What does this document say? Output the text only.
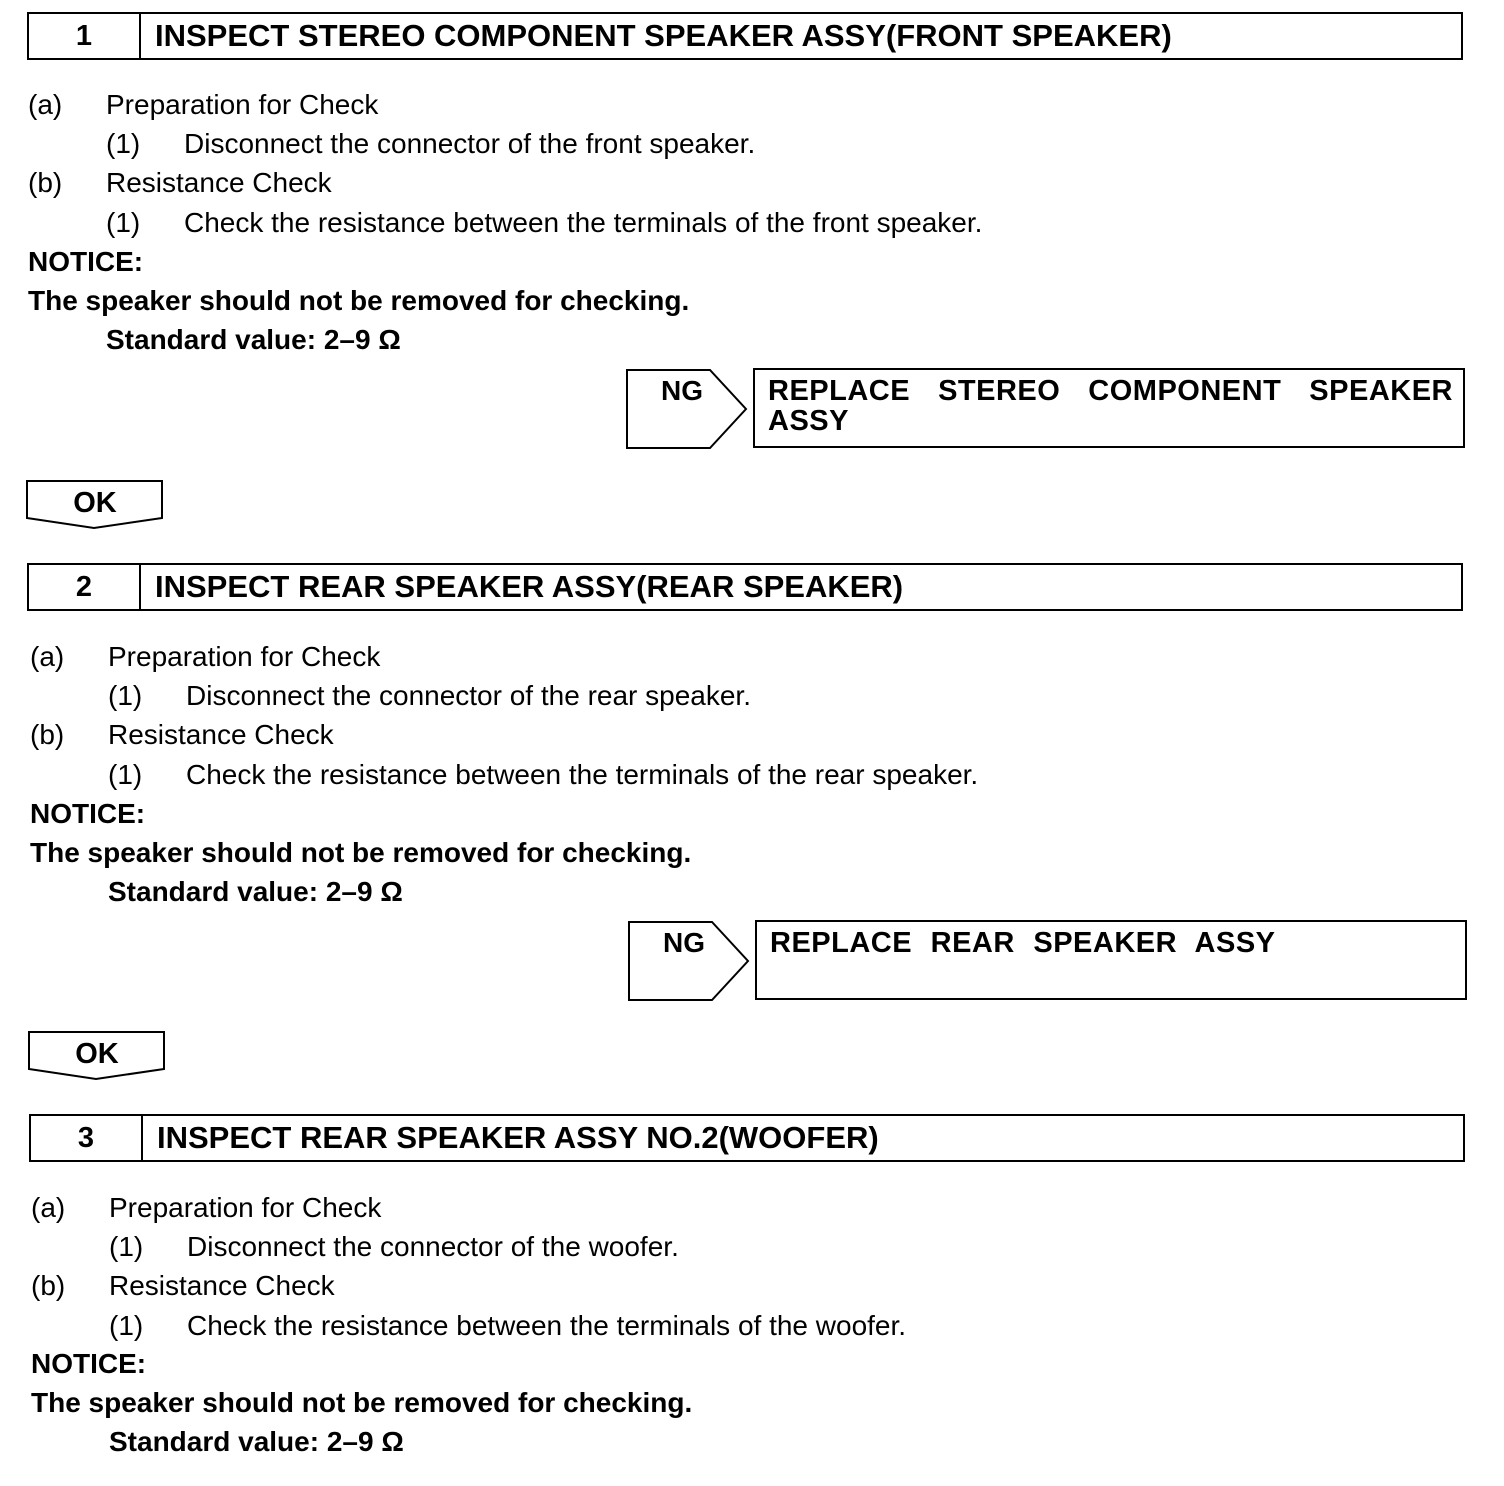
1	INSPECT STEREO COMPONENT SPEAKER ASSY(FRONT SPEAKER)
(a) Preparation for Check
(1) Disconnect the connector of the front speaker.
(b) Resistance Check
(1) Check the resistance between the terminals of the front speaker.
NOTICE:
The speaker should not be removed for checking.
Standard value: 2–9 Ω
NG	REPLACE STEREO COMPONENT SPEAKER ASSY
OK
2	INSPECT REAR SPEAKER ASSY(REAR SPEAKER)
(a) Preparation for Check
(1) Disconnect the connector of the rear speaker.
(b) Resistance Check
(1) Check the resistance between the terminals of the rear speaker.
NOTICE:
The speaker should not be removed for checking.
Standard value: 2–9 Ω
NG	REPLACE REAR SPEAKER ASSY
OK
3	INSPECT REAR SPEAKER ASSY NO.2(WOOFER)
(a) Preparation for Check
(1) Disconnect the connector of the woofer.
(b) Resistance Check
(1) Check the resistance between the terminals of the woofer.
NOTICE:
The speaker should not be removed for checking.
Standard value: 2–9 Ω
